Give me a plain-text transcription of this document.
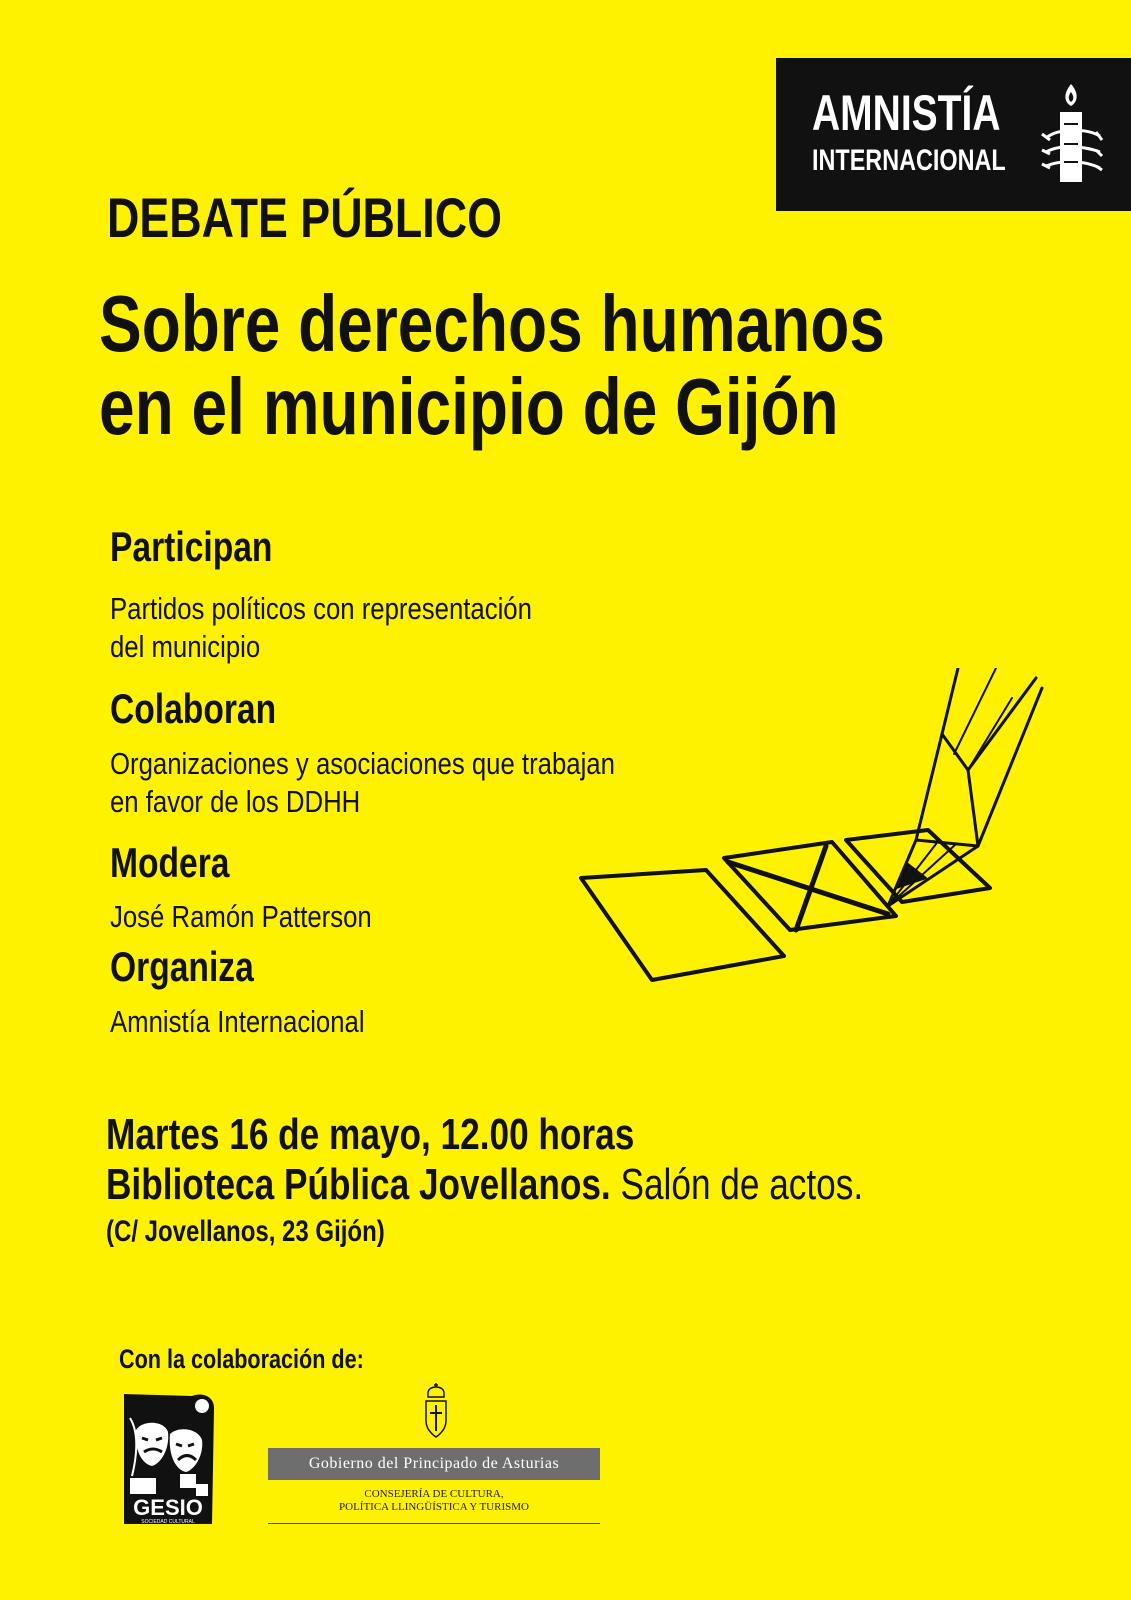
AMNISTÍA
INTERNACIONAL
DEBATE PÚBLICO
Sobre derechos humanos
en el municipio de Gijón
Participan
Partidos políticos con representación
del municipio
Colaboran
Organizaciones y asociaciones que trabajan
en favor de los DDHH
Modera
José Ramón Patterson
Organiza
Amnistía Internacional
Martes 16 de mayo, 12.00 horas
Biblioteca Pública Jovellanos. Salón de actos.
(C/ Jovellanos, 23 Gijón)
Con la colaboración de:
GESIO
SOCIEDAD CULTURAL
Gobierno del Principado de Asturias
CONSEJERÍA DE CULTURA,
POLÍTICA LLINGÜÍSTICA Y TURISMO
